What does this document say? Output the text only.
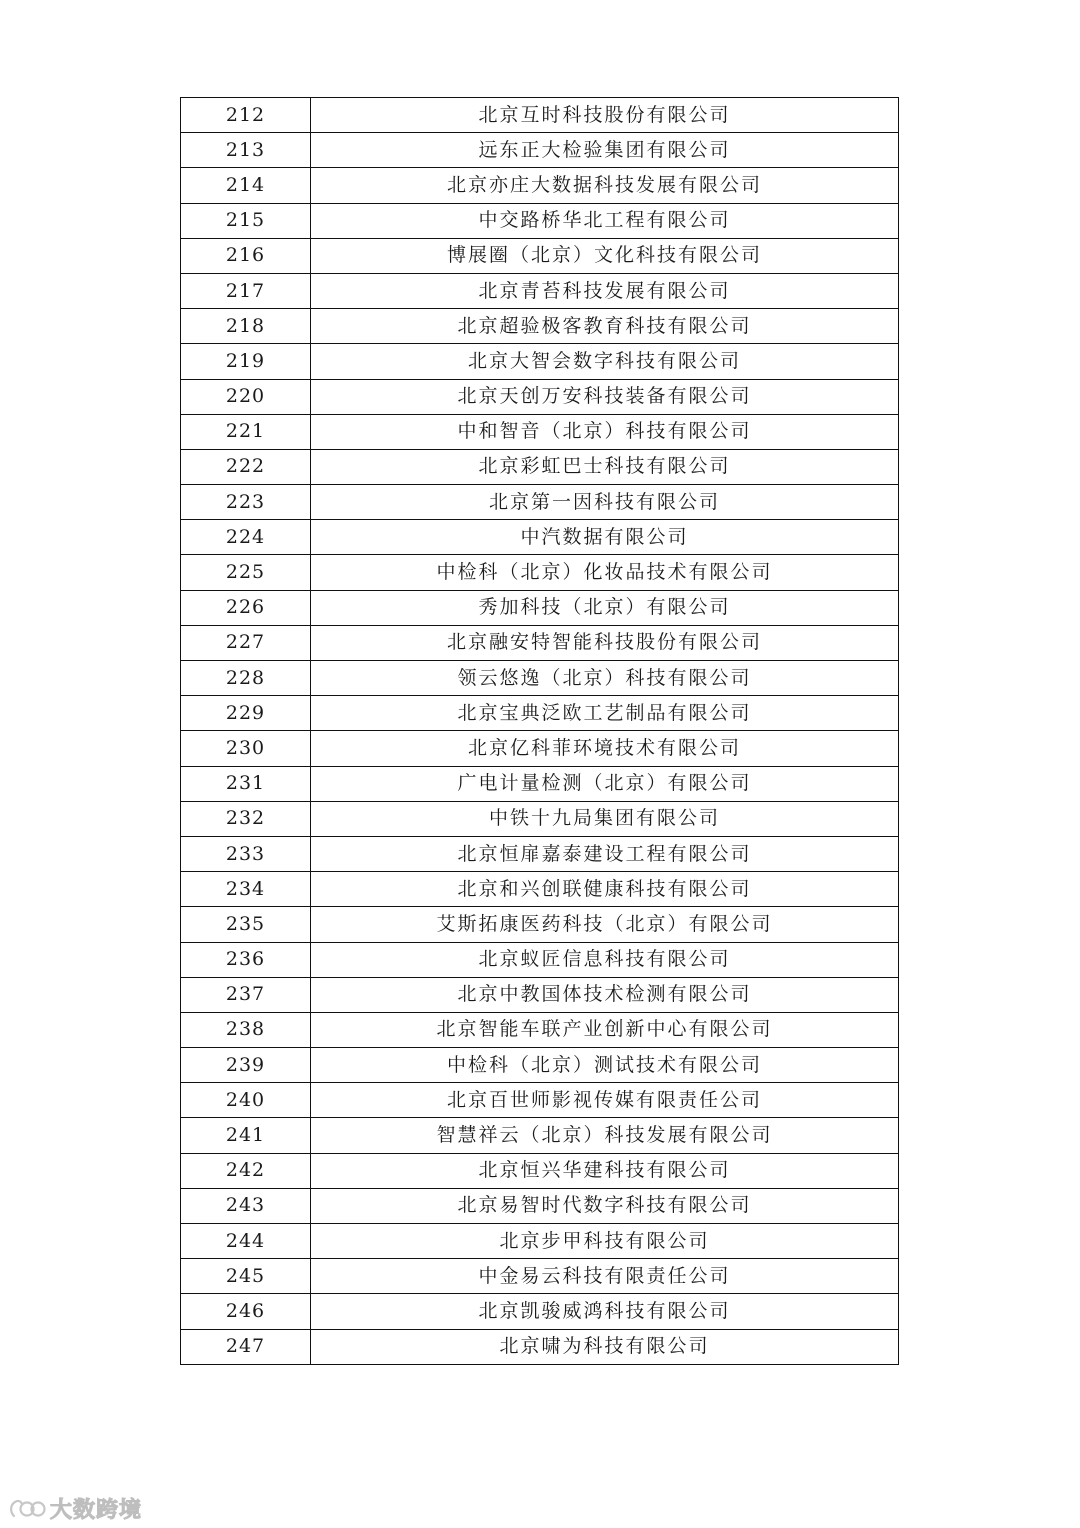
212	北京互时科技股份有限公司
213	远东正大检验集团有限公司
214	北京亦庄大数据科技发展有限公司
215	中交路桥华北工程有限公司
216	博展圈（北京）文化科技有限公司
217	北京青苔科技发展有限公司
218	北京超验极客教育科技有限公司
219	北京大智会数字科技有限公司
220	北京天创万安科技装备有限公司
221	中和智音（北京）科技有限公司
222	北京彩虹巴士科技有限公司
223	北京第一因科技有限公司
224	中汽数据有限公司
225	中检科（北京）化妆品技术有限公司
226	秀加科技（北京）有限公司
227	北京融安特智能科技股份有限公司
228	领云悠逸（北京）科技有限公司
229	北京宝典泛欧工艺制品有限公司
230	北京亿科菲环境技术有限公司
231	广电计量检测（北京）有限公司
232	中铁十九局集团有限公司
233	北京恒扉嘉泰建设工程有限公司
234	北京和兴创联健康科技有限公司
235	艾斯拓康医药科技（北京）有限公司
236	北京蚁匠信息科技有限公司
237	北京中教国体技术检测有限公司
238	北京智能车联产业创新中心有限公司
239	中检科（北京）测试技术有限公司
240	北京百世师影视传媒有限责任公司
241	智慧祥云（北京）科技发展有限公司
242	北京恒兴华建科技有限公司
243	北京易智时代数字科技有限公司
244	北京步甲科技有限公司
245	中金易云科技有限责任公司
246	北京凯骏威鸿科技有限公司
247	北京啸为科技有限公司
大数跨境
